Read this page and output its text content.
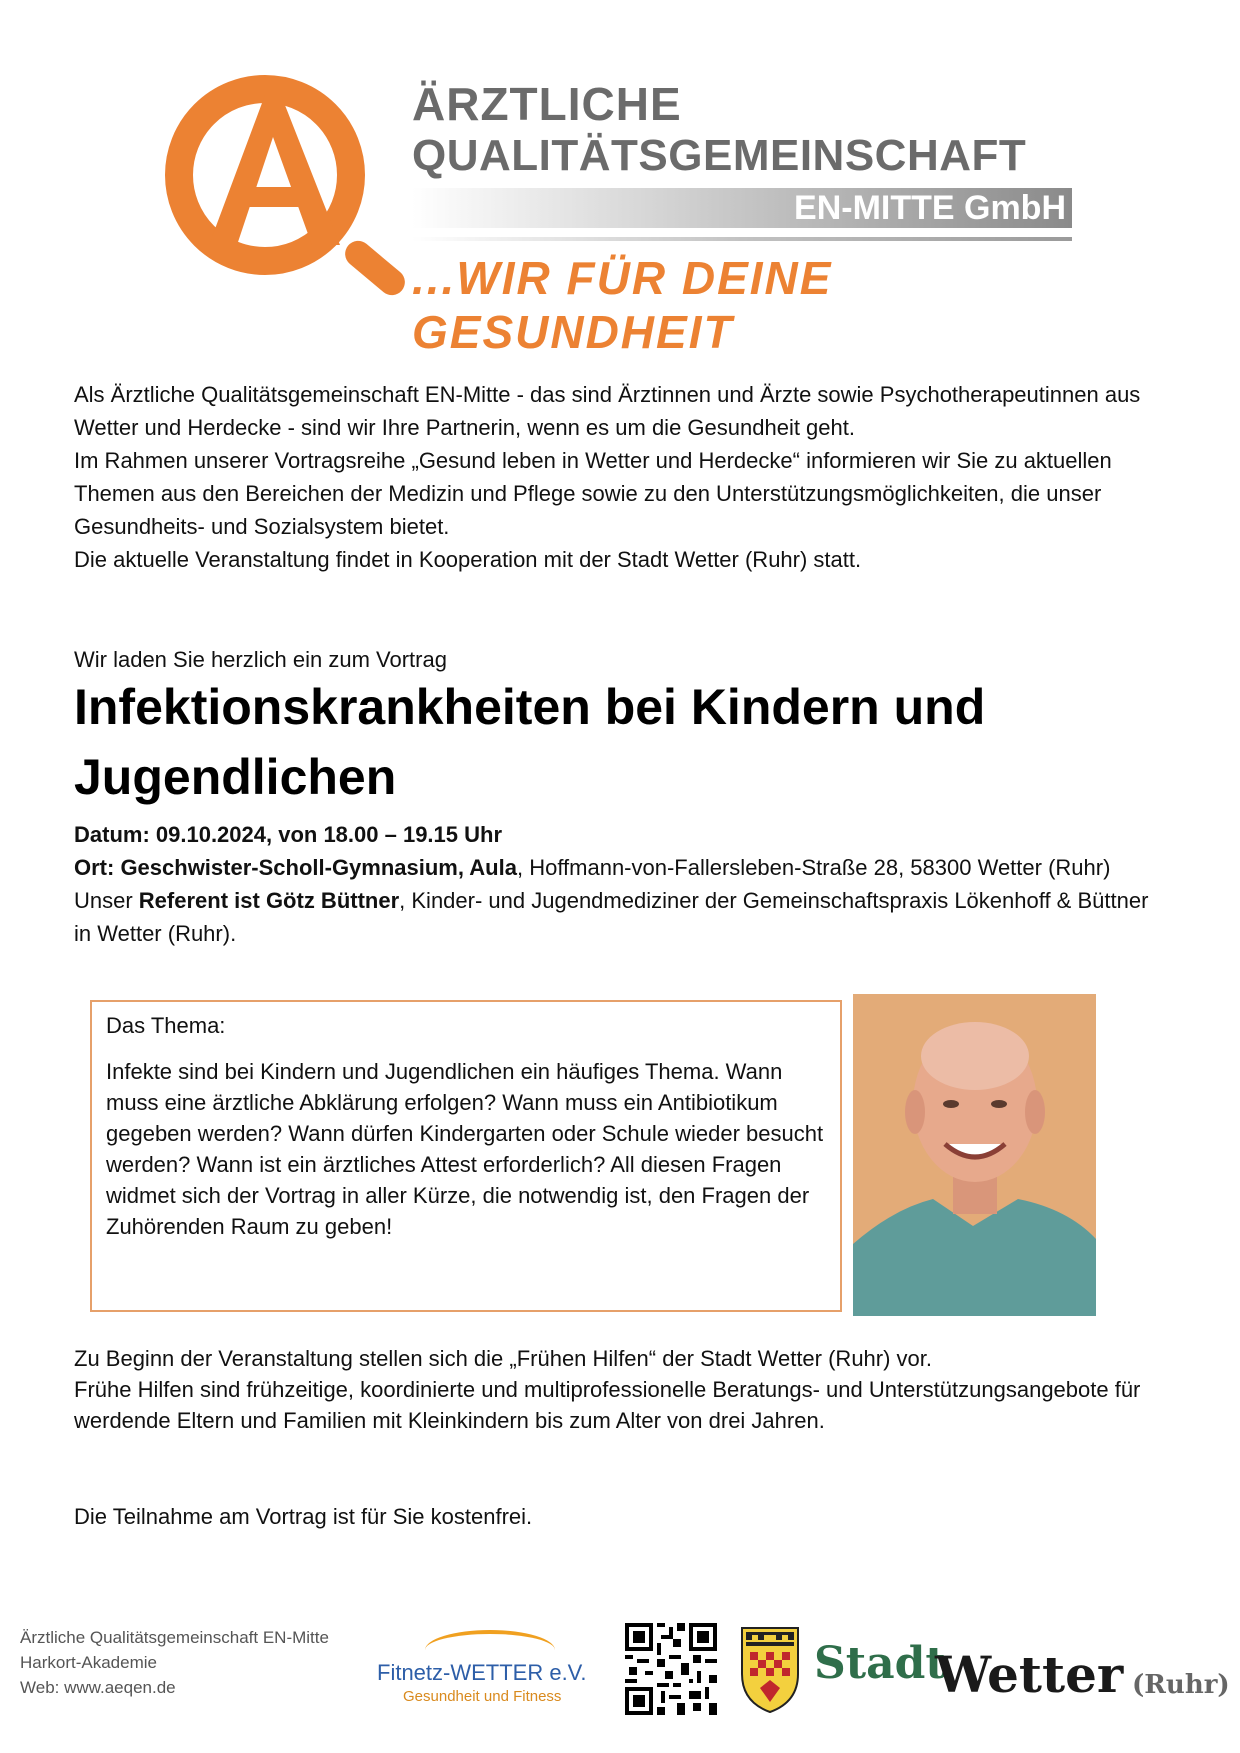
ÄRZTLICHE
QUALITÄTSGEMEINSCHAFT
EN-MITTE GmbH
...WIR FÜR DEINE GESUNDHEIT

Als Ärztliche Qualitätsgemeinschaft EN-Mitte - das sind Ärztinnen und Ärzte sowie Psychotherapeutinnen aus Wetter und Herdecke - sind wir Ihre Partnerin, wenn es um die Gesundheit geht.

Im Rahmen unserer Vortragsreihe „Gesund leben in Wetter und Herdecke“ informieren wir Sie zu aktuellen Themen aus den Bereichen der Medizin und Pflege sowie zu den Unterstützungsmöglichkeiten, die unser Gesundheits- und Sozialsystem bietet.

Die aktuelle Veranstaltung findet in Kooperation mit der Stadt Wetter (Ruhr) statt.

Wir laden Sie herzlich ein zum Vortrag

Infektionskrankheiten bei Kindern und Jugendlichen

Datum: 09.10.2024, von 18.00 – 19.15 Uhr

Ort: Geschwister-Scholl-Gymnasium, Aula, Hoffmann-von-Fallersleben-Straße 28, 58300 Wetter (Ruhr)

Unser Referent ist Götz Büttner, Kinder- und Jugendmediziner der Gemeinschaftspraxis Lökenhoff & Büttner in Wetter (Ruhr).

Das Thema:

Infekte sind bei Kindern und Jugendlichen ein häufiges Thema. Wann muss eine ärztliche Abklärung erfolgen? Wann muss ein Antibiotikum gegeben werden? Wann dürfen Kindergarten oder Schule wieder besucht werden? Wann ist ein ärztliches Attest erforderlich? All diesen Fragen widmet sich der Vortrag in aller Kürze, die notwendig ist, den Fragen der Zuhörenden Raum zu geben!

Zu Beginn der Veranstaltung stellen sich die „Frühen Hilfen“ der Stadt Wetter (Ruhr) vor.

Frühe Hilfen sind frühzeitige, koordinierte und multiprofessionelle Beratungs- und Unterstützungsangebote für werdende Eltern und Familien mit Kleinkindern bis zum Alter von drei Jahren.

Die Teilnahme am Vortrag ist für Sie kostenfrei.

Ärztliche Qualitätsgemeinschaft EN-Mitte
Harkort-Akademie
Web: www.aeqen.de
Fitnetz-WETTER e.V.
Gesundheit und Fitness
Stadt
Wetter (Ruhr)
